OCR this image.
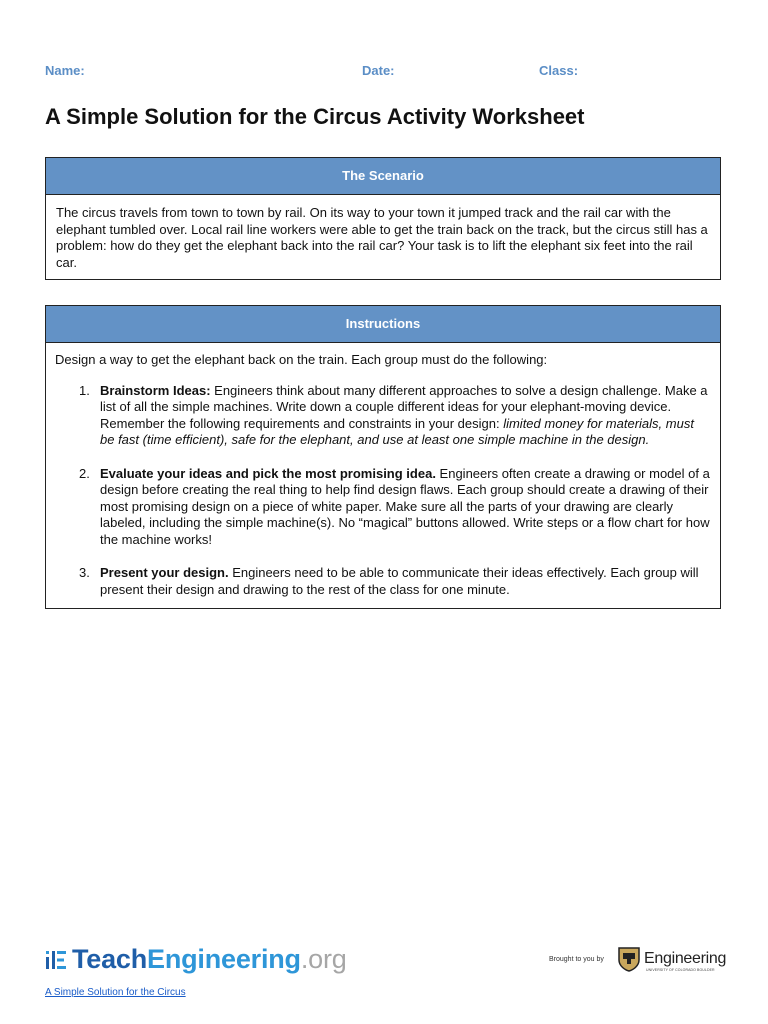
Name:	Date:	Class:
A Simple Solution for the Circus Activity Worksheet
The Scenario
The circus travels from town to town by rail. On its way to your town it jumped track and the rail car with the elephant tumbled over. Local rail line workers were able to get the train back on the track, but the circus still has a problem: how do they get the elephant back into the rail car? Your task is to lift the elephant six feet into the rail car.
Instructions

Design a way to get the elephant back on the train. Each group must do the following:

1. Brainstorm Ideas: Engineers think about many different approaches to solve a design challenge. Make a list of all the simple machines. Write down a couple different ideas for your elephant-moving device. Remember the following requirements and constraints in your design: limited money for materials, must be fast (time efficient), safe for the elephant, and use at least one simple machine in the design.
2. Evaluate your ideas and pick the most promising idea. Engineers often create a drawing or model of a design before creating the real thing to help find design flaws. Each group should create a drawing of their most promising design on a piece of white paper. Make sure all the parts of your drawing are clearly labeled, including the simple machine(s). No “magical” buttons allowed. Write steps or a flow chart for how the machine works!
3. Present your design. Engineers need to be able to communicate their ideas effectively. Each group will present their design and drawing to the rest of the class for one minute.
Teach Engineering .org	Brought to you by	Engineering
UNIVERSITY OF COLORADO BOULDER
A Simple Solution for the Circus
